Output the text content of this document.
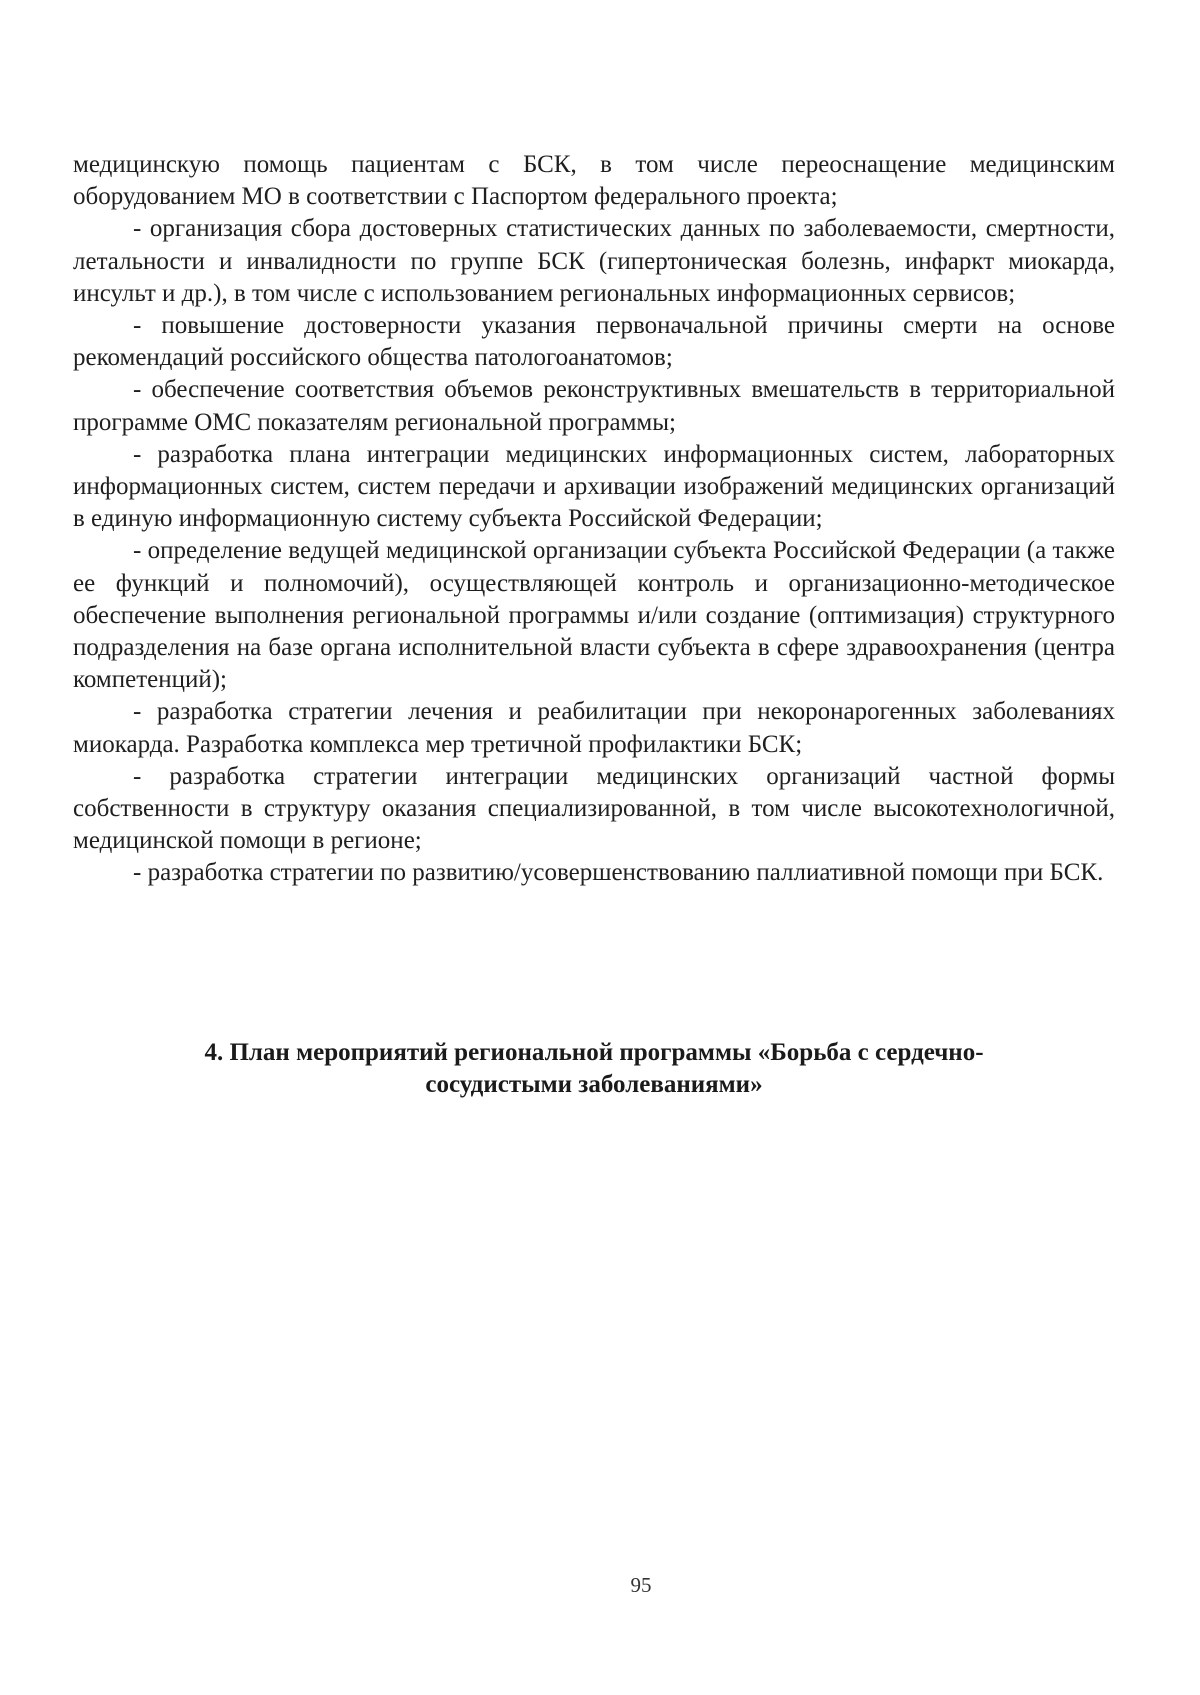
медицинскую помощь пациентам с БСК, в том числе переоснащение медицинским оборудованием МО в соответствии с Паспортом федерального проекта;

- организация сбора достоверных статистических данных по заболеваемости, смертности, летальности и инвалидности по группе БСК (гипертоническая болезнь, инфаркт миокарда, инсульт и др.), в том числе с использованием региональных информационных сервисов;

- повышение достоверности указания первоначальной причины смерти на основе рекомендаций российского общества патологоанатомов;

- обеспечение соответствия объемов реконструктивных вмешательств в территориальной программе ОМС показателям региональной программы;

- разработка плана интеграции медицинских информационных систем, лабораторных информационных систем, систем передачи и архивации изображений медицинских организаций в единую информационную систему субъекта Российской Федерации;

- определение ведущей медицинской организации субъекта Российской Федерации (а также ее функций и полномочий), осуществляющей контроль и организационно-методическое обеспечение выполнения региональной программы и/или создание (оптимизация) структурного подразделения на базе органа исполнительной власти субъекта в сфере здравоохранения (центра компетенций);

- разработка стратегии лечения и реабилитации при некоронарогенных заболеваниях миокарда. Разработка комплекса мер третичной профилактики БСК;

- разработка стратегии интеграции медицинских организаций частной формы собственности в структуру оказания специализированной, в том числе высокотехнологичной, медицинской помощи в регионе;

- разработка стратегии по развитию/усовершенствованию паллиативной помощи при БСК.

4. План мероприятий региональной программы «Борьба с сердечно-
сосудистыми заболеваниями»
95
